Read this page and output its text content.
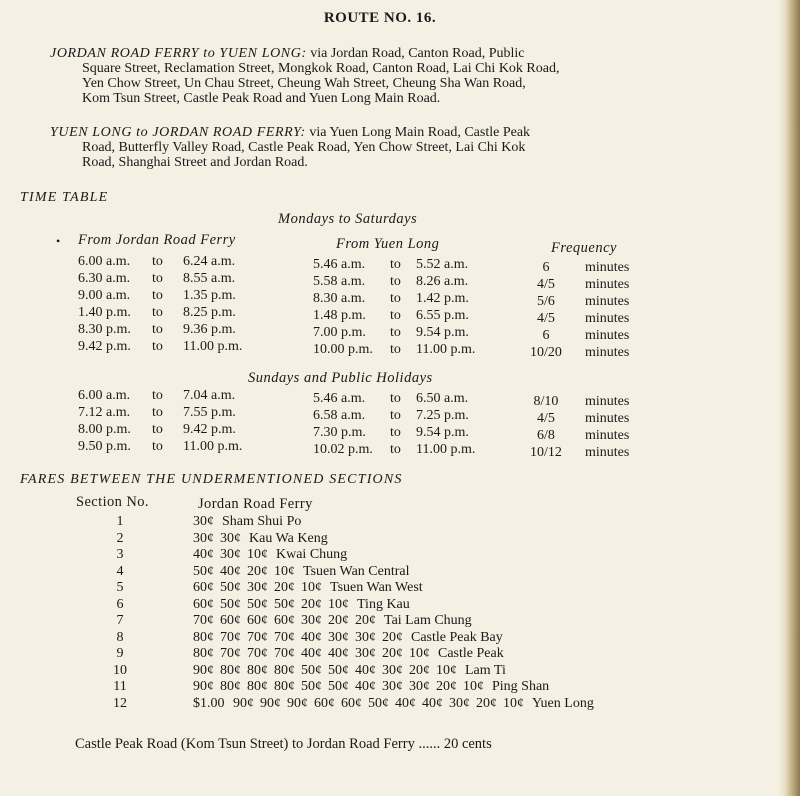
ROUTE NO. 16.
JORDAN ROAD FERRY to YUEN LONG: via Jordan Road, Canton Road, Public
Square Street, Reclamation Street, Mongkok Road, Canton Road, Lai Chi Kok Road,
Yen Chow Street, Un Chau Street, Cheung Wah Street, Cheung Sha Wan Road,
Kom Tsun Street, Castle Peak Road and Yuen Long Main Road.
YUEN LONG to JORDAN ROAD FERRY: via Yuen Long Main Road, Castle Peak
Road, Butterfly Valley Road, Castle Peak Road, Yen Chow Street, Lai Chi Kok
Road, Shanghai Street and Jordan Road.
TIME TABLE
Mondays to Saturdays
• From Jordan Road Ferry	From Yuen Long	Frequency
6.00 a.m. to 6.24 a.m.	5.46 a.m. to 5.52 a.m.	6	minutes
6.30 a.m. to 8.55 a.m.	5.58 a.m. to 8.26 a.m.	4/5	minutes
9.00 a.m. to 1.35 p.m.	8.30 a.m. to 1.42 p.m.	5/6	minutes
1.40 p.m. to 8.25 p.m.	1.48 p.m. to 6.55 p.m.	4/5	minutes
8.30 p.m. to 9.36 p.m.	7.00 p.m. to 9.54 p.m.	6	minutes
9.42 p.m. to 11.00 p.m.	10.00 p.m. to 11.00 p.m.	10/20 minutes
Sundays and Public Holidays
6.00 a.m. to 7.04 a.m.	5.46 a.m. to 6.50 a.m.	8/10	minutes
7.12 a.m. to 7.55 p.m.	6.58 a.m. to 7.25 p.m.	4/5	minutes
8.00 p.m. to 9.42 p.m.	7.30 p.m. to 9.54 p.m.	6/8	minutes
9.50 p.m. to 11.00 p.m.	10.02 p.m. to 11.00 p.m.	10/12 minutes
FARES BETWEEN THE UNDERMENTIONED SECTIONS
Section No.	Jordan Road Ferry
1	30¢ Sham Shui Po
2	30¢ 30¢ Kau Wa Keng
3	40¢ 30¢ 10¢ Kwai Chung
4	50¢ 40¢ 20¢ 10¢ Tsuen Wan Central
5	60¢ 50¢ 30¢ 20¢ 10¢ Tsuen Wan West
6	60¢ 50¢ 50¢ 50¢ 20¢ 10¢ Ting Kau
7	70¢ 60¢ 60¢ 60¢ 30¢ 20¢ 20¢ Tai Lam Chung
8	80¢ 70¢ 70¢ 70¢ 40¢ 30¢ 30¢ 20¢ Castle Peak Bay
9	80¢ 70¢ 70¢ 70¢ 40¢ 40¢ 30¢ 20¢ 10¢ Castle Peak
10	90¢ 80¢ 80¢ 80¢ 50¢ 50¢ 40¢ 30¢ 20¢ 10¢ Lam Ti
11	90¢ 80¢ 80¢ 80¢ 50¢ 50¢ 40¢ 30¢ 30¢ 20¢ 10¢ Ping Shan
12	$1.00 90¢ 90¢ 90¢ 60¢ 60¢ 50¢ 40¢ 40¢ 30¢ 20¢ 10¢ Yuen Long
Castle Peak Road (Kom Tsun Street) to Jordan Road Ferry ...... 20 cents
